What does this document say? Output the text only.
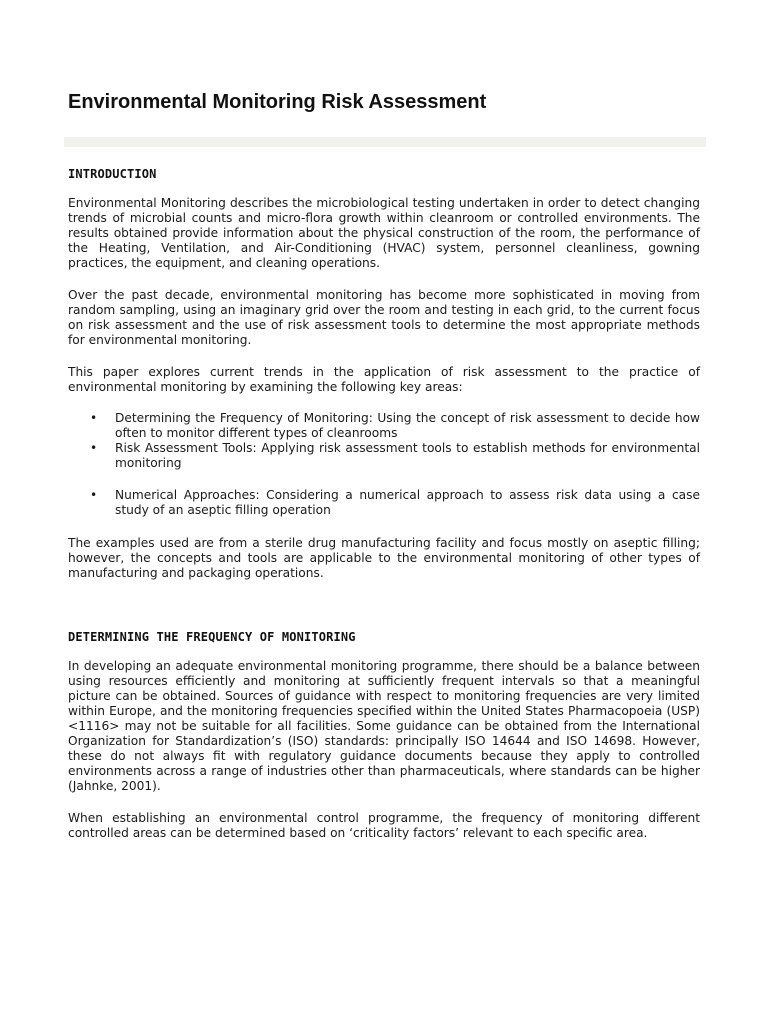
Environmental Monitoring Risk Assessment
INTRODUCTION

Environmental Monitoring describes the microbiological testing undertaken in order to detect changing trends of microbial counts and micro-flora growth within cleanroom or controlled environments. The results obtained provide information about the physical construction of the room, the performance of the Heating, Ventilation, and Air-Conditioning (HVAC) system, personnel cleanliness, gowning practices, the equipment, and cleaning operations.

Over the past decade, environmental monitoring has become more sophisticated in moving from random sampling, using an imaginary grid over the room and testing in each grid, to the current focus on risk assessment and the use of risk assessment tools to determine the most appropriate methods for environmental monitoring.

This paper explores current trends in the application of risk assessment to the practice of environmental monitoring by examining the following key areas:

•	Determining the Frequency of Monitoring: Using the concept of risk assessment to decide how often to monitor different types of cleanrooms
•	Risk Assessment Tools: Applying risk assessment tools to establish methods for environmental monitoring
•	Numerical Approaches: Considering a numerical approach to assess risk data using a case study of an aseptic filling operation

The examples used are from a sterile drug manufacturing facility and focus mostly on aseptic filling; however, the concepts and tools are applicable to the environmental monitoring of other types of manufacturing and packaging operations.

DETERMINING THE FREQUENCY OF MONITORING

In developing an adequate environmental monitoring programme, there should be a balance between using resources efficiently and monitoring at sufficiently frequent intervals so that a meaningful picture can be obtained. Sources of guidance with respect to monitoring frequencies are very limited within Europe, and the monitoring frequencies specified within the United States Pharmacopoeia (USP) <1116> may not be suitable for all facilities. Some guidance can be obtained from the International Organization for Standardization’s (ISO) standards: principally ISO 14644 and ISO 14698. However, these do not always fit with regulatory guidance documents because they apply to controlled environments across a range of industries other than pharmaceuticals, where standards can be higher (Jahnke, 2001).

When establishing an environmental control programme, the frequency of monitoring different controlled areas can be determined based on ‘criticality factors’ relevant to each specific area.
